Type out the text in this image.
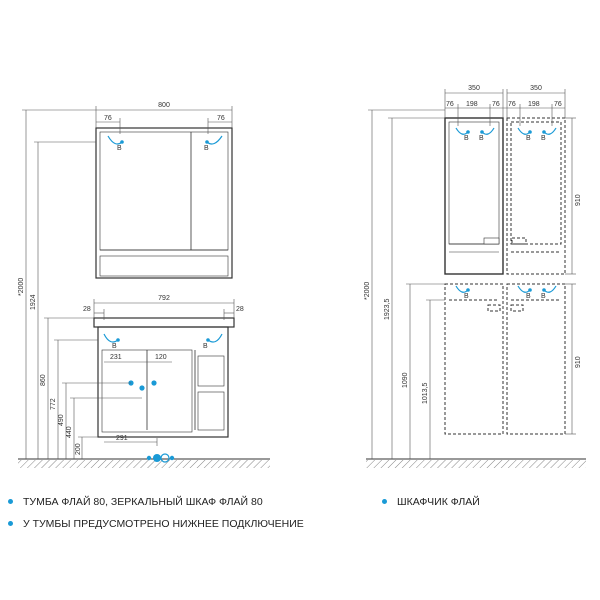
800
76	76
B	B
792
28	28
231	120
291
B	B
*2000
1924
860
772
490
440
200
350	350
76 198 76 76 198 76
B B	B B
B	B
B
*2000
1923,5
1090
1013,5
910
910
ТУМБА ФЛАЙ 80, ЗЕРКАЛЬНЫЙ ШКАФ ФЛАЙ 80
У ТУМБЫ ПРЕДУСМОТРЕНО НИЖНЕЕ ПОДКЛЮЧЕНИЕ
ШКАФЧИК ФЛАЙ
